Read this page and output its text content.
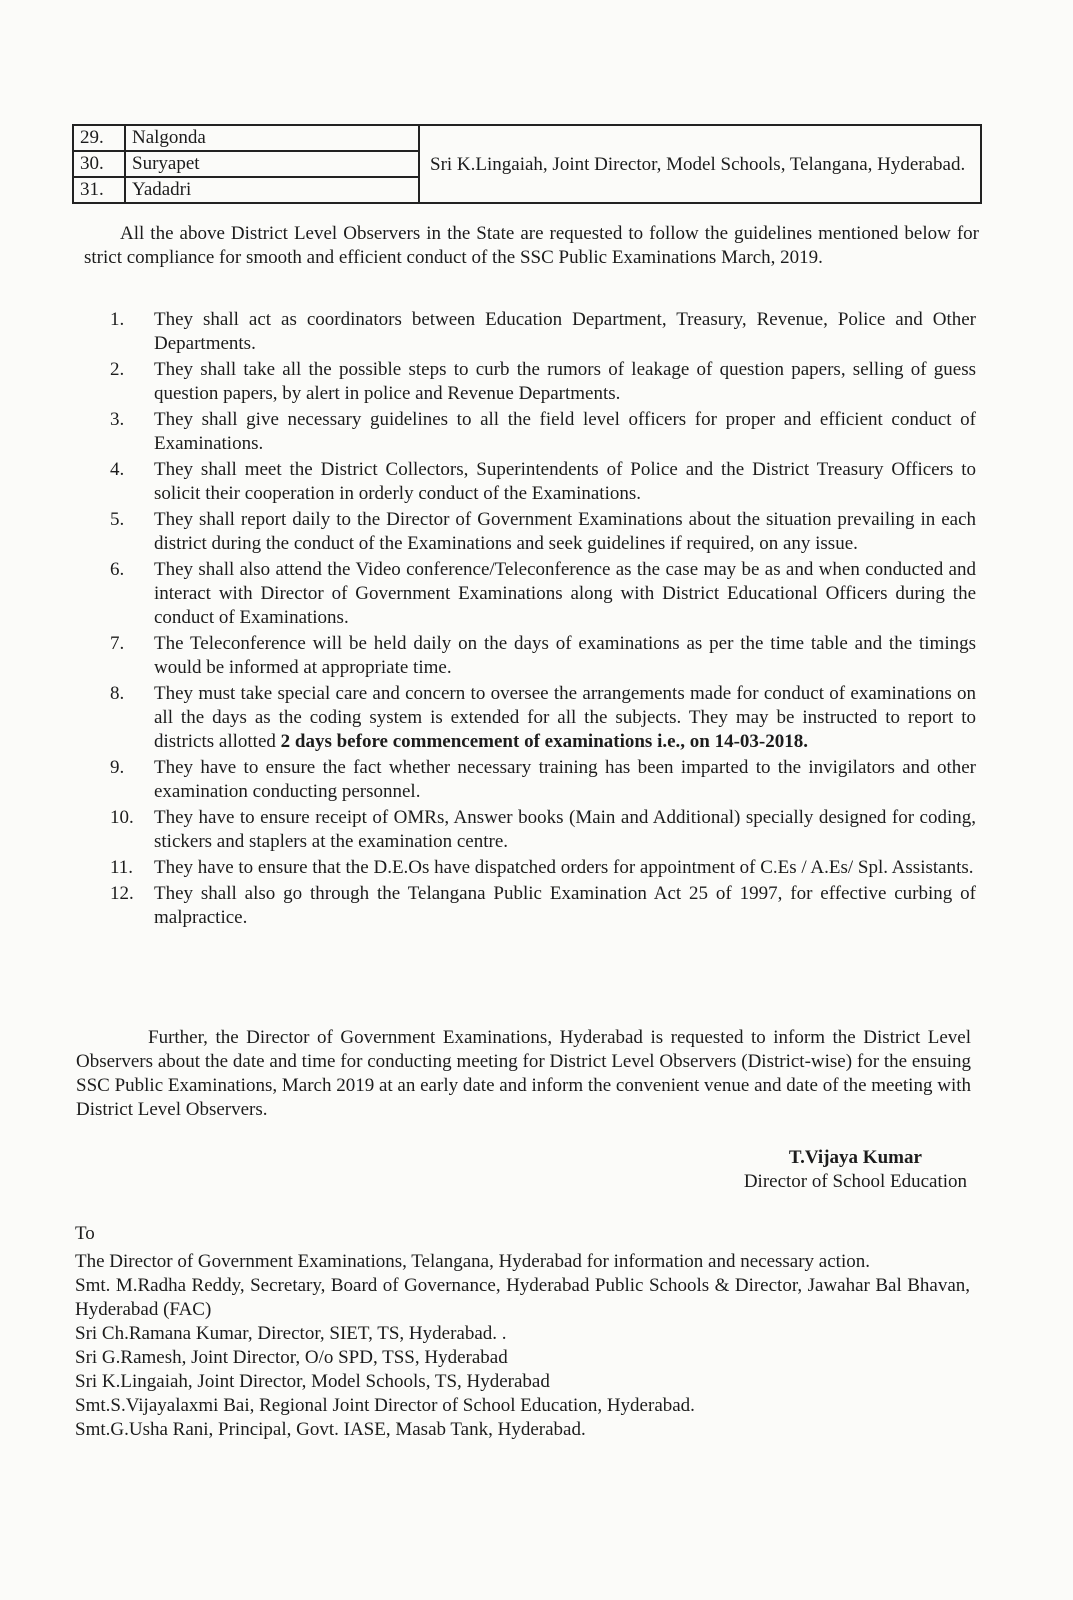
29.	Nalgonda	Sri K.Lingaiah, Joint Director, Model Schools, Telangana, Hyderabad.
30.	Suryapet	
31.	Yadadri	

All the above District Level Observers in the State are requested to follow the guidelines mentioned below for strict compliance for smooth and efficient conduct of the SSC Public Examinations March, 2019.

1.	They shall act as coordinators between Education Department, Treasury, Revenue, Police and Other Departments.
2.	They shall take all the possible steps to curb the rumors of leakage of question papers, selling of guess question papers, by alert in police and Revenue Departments.
3.	They shall give necessary guidelines to all the field level officers for proper and efficient conduct of Examinations.
4.	They shall meet the District Collectors, Superintendents of Police and the District Treasury Officers to solicit their cooperation in orderly conduct of the Examinations.
5.	They shall report daily to the Director of Government Examinations about the situation prevailing in each district during the conduct of the Examinations and seek guidelines if required, on any issue.
6.	They shall also attend the Video conference/Teleconference as the case may be as and when conducted and interact with Director of Government Examinations along with District Educational Officers during the conduct of Examinations.
7.	The Teleconference will be held daily on the days of examinations as per the time table and the timings would be informed at appropriate time.
8.	They must take special care and concern to oversee the arrangements made for conduct of examinations on all the days as the coding system is extended for all the subjects. They may be instructed to report to districts allotted 2 days before commencement of examinations i.e., on 14-03-2018.
9.	They have to ensure the fact whether necessary training has been imparted to the invigilators and other examination conducting personnel.
10.	They have to ensure receipt of OMRs, Answer books (Main and Additional) specially designed for coding, stickers and staplers at the examination centre.
11.	They have to ensure that the D.E.Os have dispatched orders for appointment of C.Es / A.Es/ Spl. Assistants.
12.	They shall also go through the Telangana Public Examination Act 25 of 1997, for effective curbing of malpractice.

Further, the Director of Government Examinations, Hyderabad is requested to inform the District Level Observers about the date and time for conducting meeting for District Level Observers (District-wise) for the ensuing SSC Public Examinations, March 2019 at an early date and inform the convenient venue and date of the meeting with District Level Observers.

T.Vijaya Kumar
Director of School Education

To

The Director of Government Examinations, Telangana, Hyderabad for information and necessary action.

Smt. M.Radha Reddy, Secretary, Board of Governance, Hyderabad Public Schools & Director, Jawahar Bal Bhavan, Hyderabad (FAC)

Sri Ch.Ramana Kumar, Director, SIET, TS, Hyderabad. .

Sri G.Ramesh, Joint Director, O/o SPD, TSS, Hyderabad

Sri K.Lingaiah, Joint Director, Model Schools, TS, Hyderabad

Smt.S.Vijayalaxmi Bai, Regional Joint Director of School Education, Hyderabad.

Smt.G.Usha Rani, Principal, Govt. IASE, Masab Tank, Hyderabad.
